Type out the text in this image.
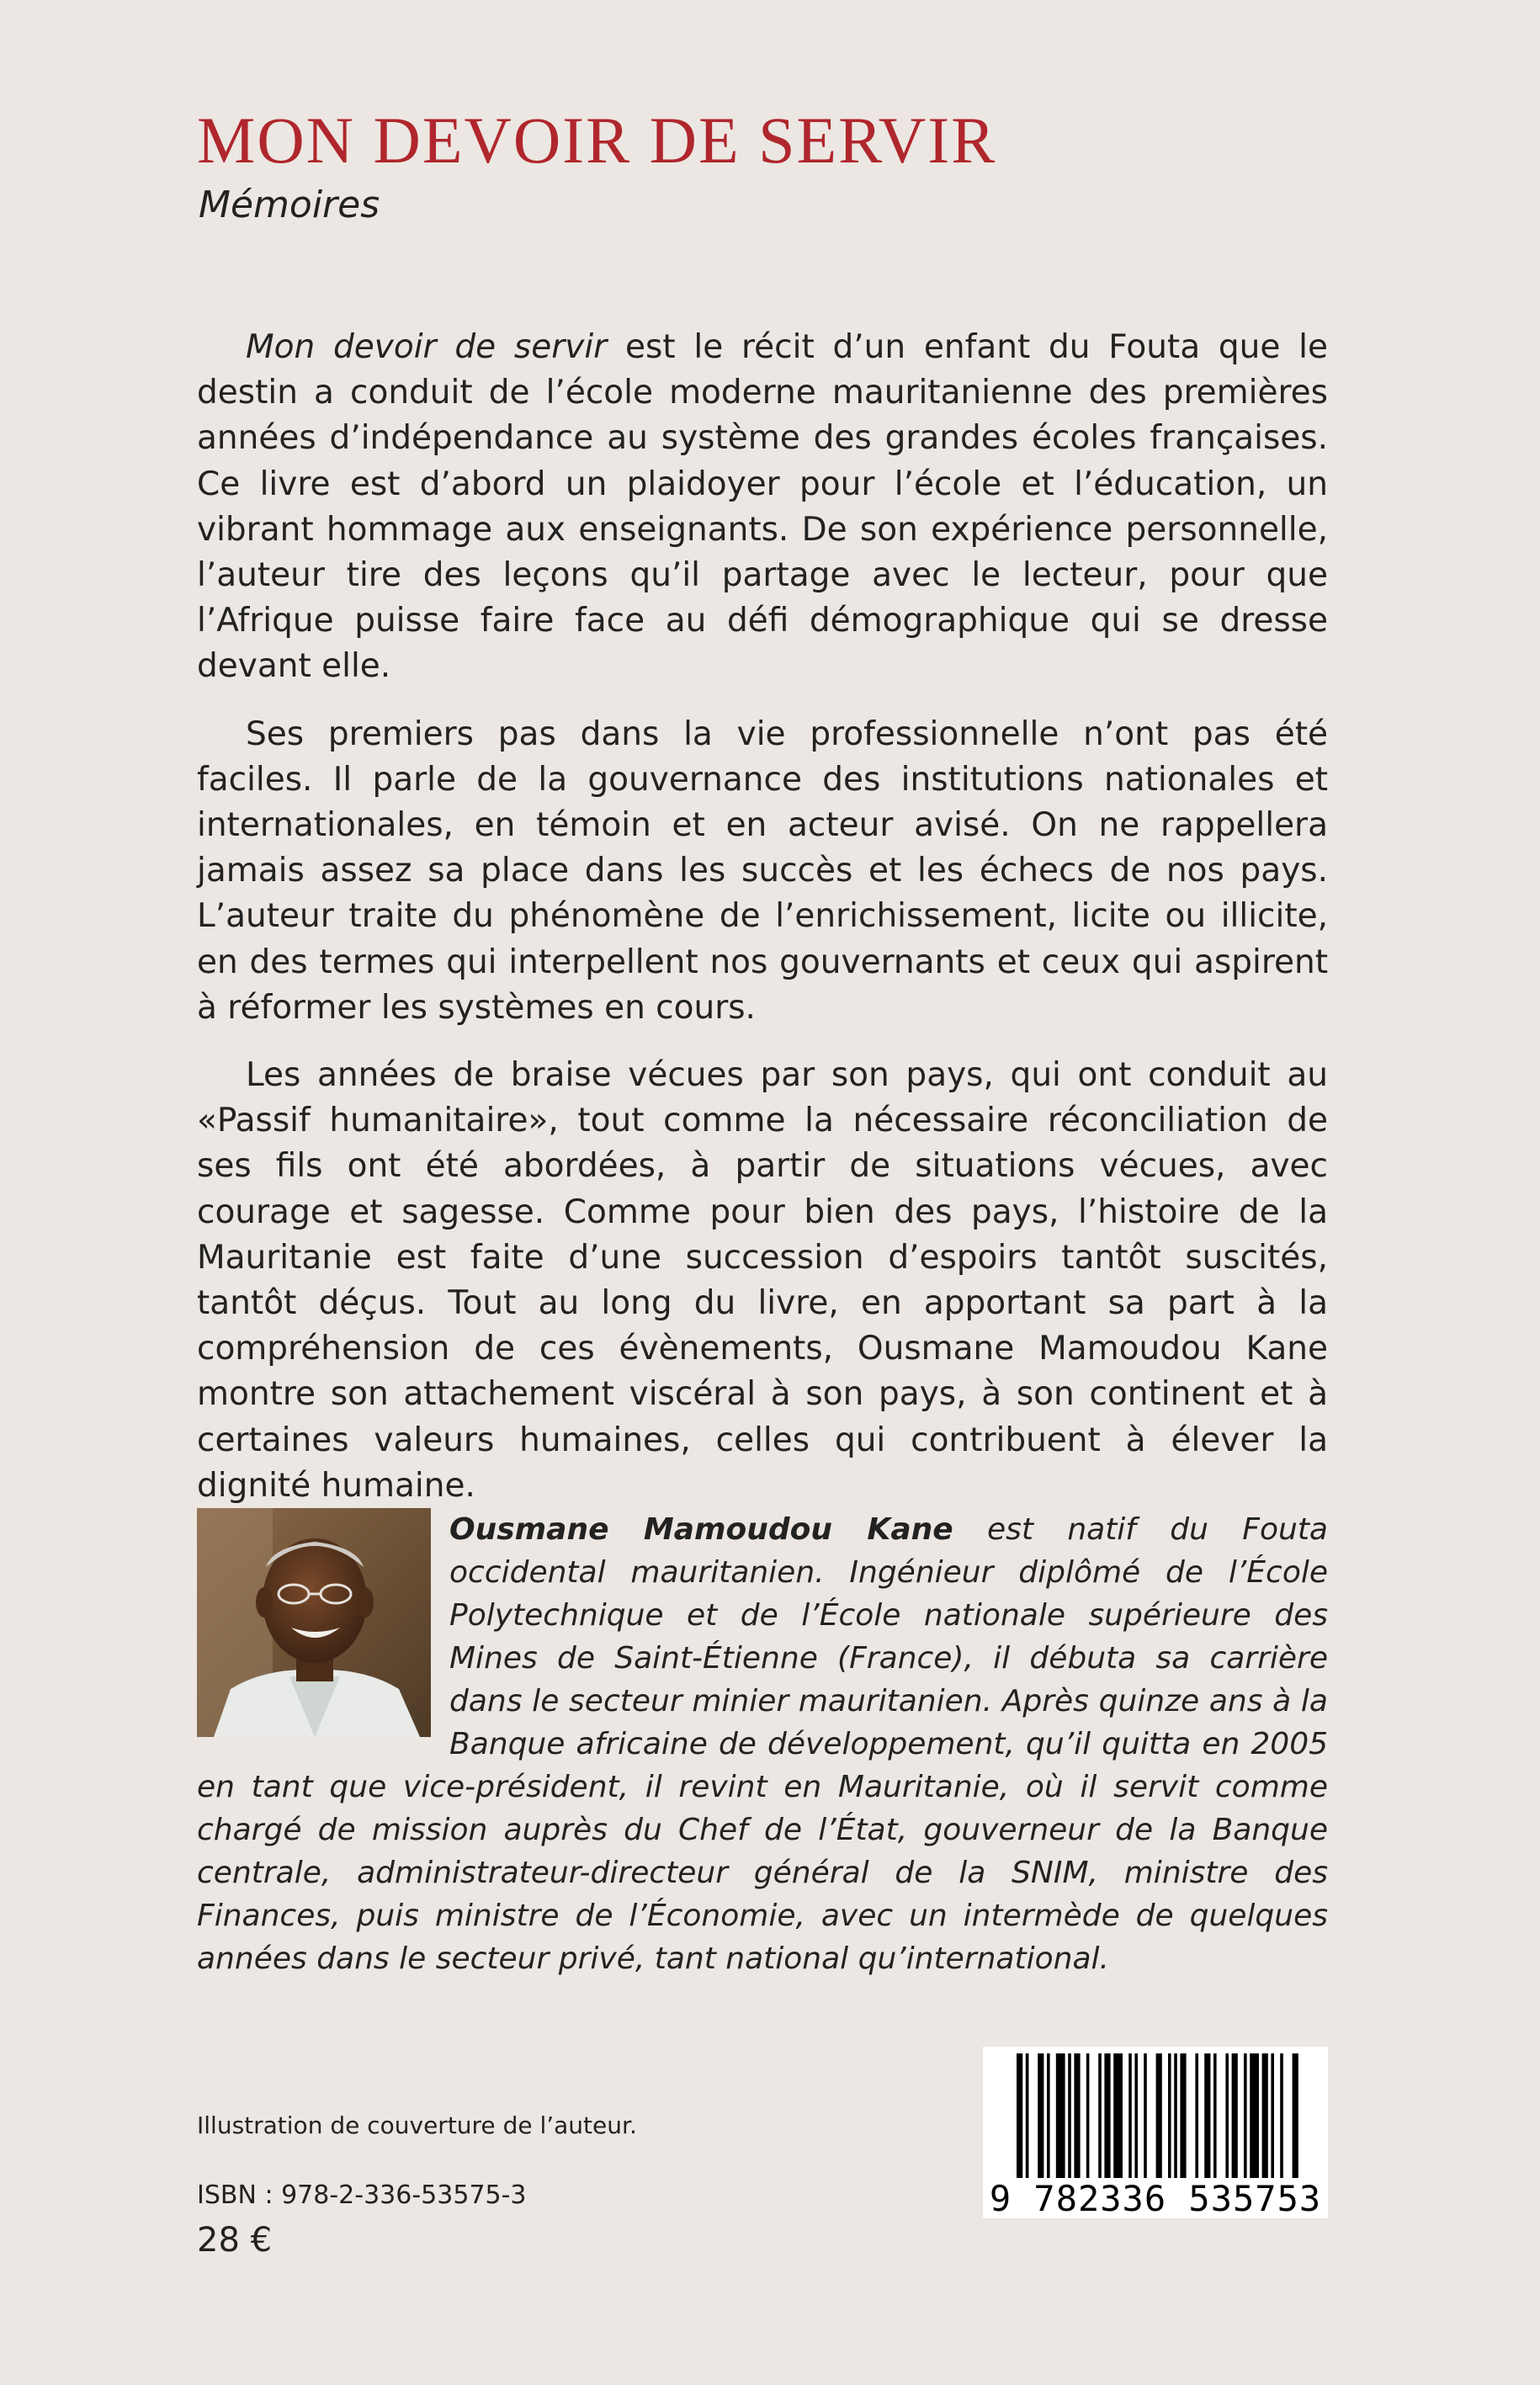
MON DEVOIR DE SERVIR
Mémoires

Mon devoir de servir est le récit d’un enfant du Fouta que le destin a conduit de l’école moderne mauritanienne des premières années d’indépendance au système des grandes écoles françaises. Ce livre est d’abord un plaidoyer pour l’école et l’éducation, un vibrant hommage aux enseignants. De son expérience personnelle, l’auteur tire des leçons qu’il partage avec le lecteur, pour que l’Afrique puisse faire face au défi démographique qui se dresse devant elle.

Ses premiers pas dans la vie professionnelle n’ont pas été faciles. Il parle de la gouvernance des institutions nationales et internationales, en témoin et en acteur avisé. On ne rappellera jamais assez sa place dans les succès et les échecs de nos pays. L’auteur traite du phénomène de l’enrichissement, licite ou illicite, en des termes qui interpellent nos gouvernants et ceux qui aspirent à réformer les systèmes en cours.

Les années de braise vécues par son pays, qui ont conduit au «Passif humanitaire», tout comme la nécessaire réconciliation de ses fils ont été abordées, à partir de situations vécues, avec courage et sagesse. Comme pour bien des pays, l’histoire de la Mauritanie est faite d’une succession d’espoirs tantôt suscités, tantôt déçus. Tout au long du livre, en apportant sa part à la compréhension de ces évènements, Ousmane Mamoudou Kane montre son attachement viscéral à son pays, à son continent et à certaines valeurs humaines, celles qui contribuent à élever la dignité humaine.

Ousmane Mamoudou Kane est natif du Fouta occidental mauritanien. Ingénieur diplômé de l’École Polytechnique et de l’École nationale supérieure des Mines de Saint-Étienne (France), il débuta sa carrière dans le secteur minier mauritanien. Après quinze ans à la Banque africaine de développement, qu’il quitta en 2005 en tant que vice-président, il revint en Mauritanie, où il servit comme chargé de mission auprès du Chef de l’État, gouverneur de la Banque centrale, administrateur-directeur général de la SNIM, ministre des Finances, puis ministre de l’Économie, avec un intermède de quelques années dans le secteur privé, tant national qu’international.
Illustration de couverture de l’auteur.
ISBN : 978-2-336-53575-3
28 €
9 782336 535753
